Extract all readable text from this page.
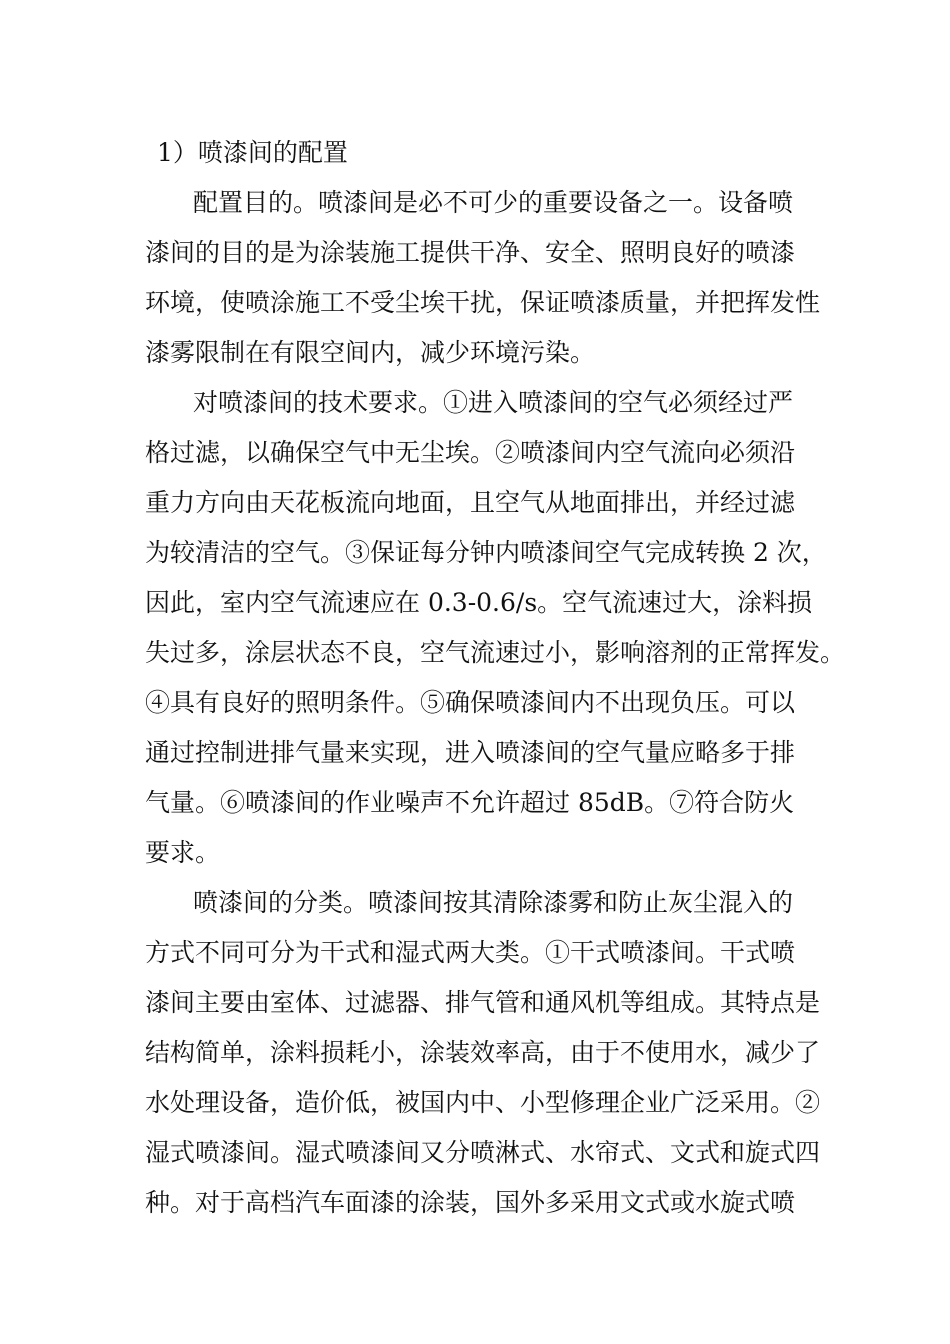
1）喷漆间的配置
配置目的。喷漆间是必不可少的重要设备之一。设备喷
漆间的目的是为涂装施工提供干净、安全、照明良好的喷漆
环境，使喷涂施工不受尘埃干扰，保证喷漆质量，并把挥发性
漆雾限制在有限空间内，减少环境污染。
对喷漆间的技术要求。①进入喷漆间的空气必须经过严
格过滤，以确保空气中无尘埃。②喷漆间内空气流向必须沿
重力方向由天花板流向地面，且空气从地面排出，并经过滤
为较清洁的空气。③保证每分钟内喷漆间空气完成转换 2 次，
因此，室内空气流速应在 0.3-0.6/s。空气流速过大，涂料损
失过多，涂层状态不良，空气流速过小，影响溶剂的正常挥发。
④具有良好的照明条件。⑤确保喷漆间内不出现负压。可以
通过控制进排气量来实现，进入喷漆间的空气量应略多于排
气量。⑥喷漆间的作业噪声不允许超过 85dB。⑦符合防火
要求。
喷漆间的分类。喷漆间按其清除漆雾和防止灰尘混入的
方式不同可分为干式和湿式两大类。①干式喷漆间。干式喷
漆间主要由室体、过滤器、排气管和通风机等组成。其特点是
结构简单，涂料损耗小，涂装效率高，由于不使用水，减少了
水处理设备，造价低，被国内中、小型修理企业广泛采用。②
湿式喷漆间。湿式喷漆间又分喷淋式、水帘式、文式和旋式四
种。对于高档汽车面漆的涂装，国外多采用文式或水旋式喷
